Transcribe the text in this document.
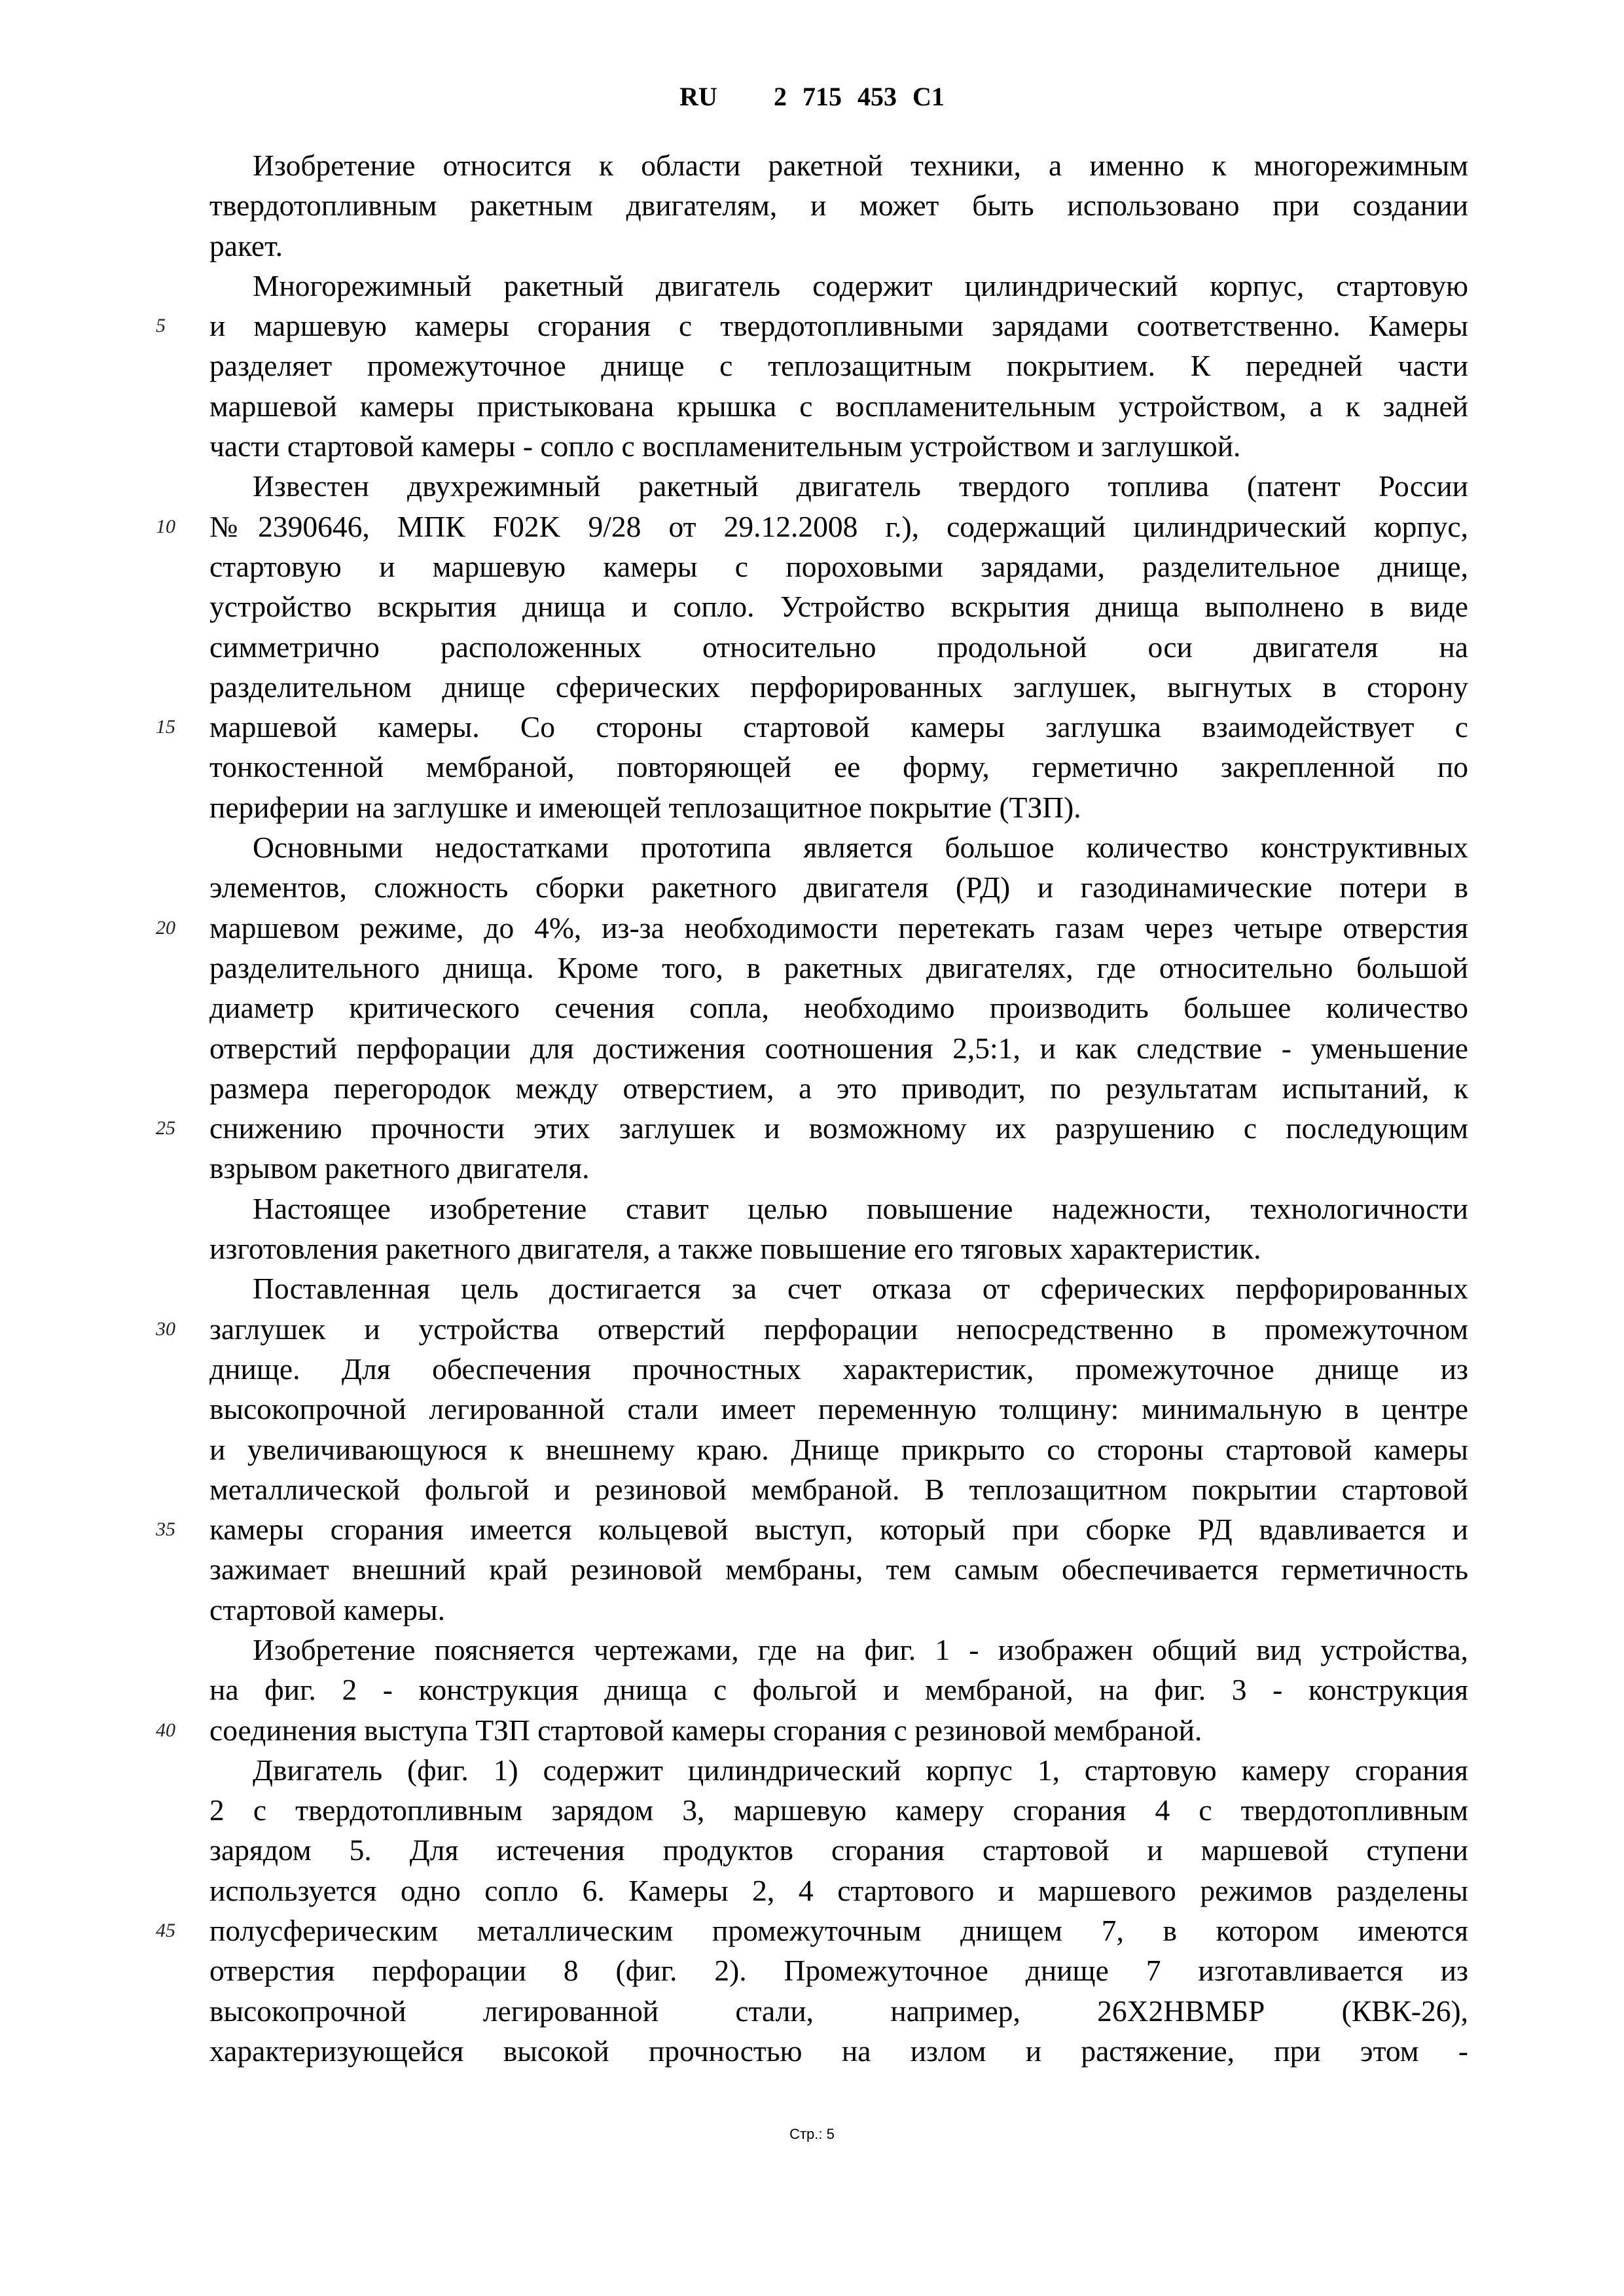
RU 2 715 453 C1
Изобретение относится к области ракетной техники, а именно к многорежимным
твердотопливным ракетным двигателям, и может быть использовано при создании
ракет.
Многорежимный ракетный двигатель содержит цилиндрический корпус, стартовую
5	и маршевую камеры сгорания с твердотопливными зарядами соответственно. Камеры
разделяет промежуточное днище с теплозащитным покрытием. К передней части
маршевой камеры пристыкована крышка с воспламенительным устройством, а к задней
части стартовой камеры - сопло с воспламенительным устройством и заглушкой.
Известен двухрежимный ракетный двигатель твердого топлива (патент России
10 №2390646, МПК F02K 9/28 от 29.12.2008 г.), содержащий цилиндрический корпус,
стартовую и маршевую камеры с пороховыми зарядами, разделительное днище,
устройство вскрытия днища и сопло. Устройство вскрытия днища выполнено в виде
симметрично расположенных относительно продольной оси двигателя на
разделительном днище сферических перфорированных заглушек, выгнутых в сторону
15 маршевой камеры. Со стороны стартовой камеры заглушка взаимодействует с
тонкостенной мембраной, повторяющей ее форму, герметично закрепленной по
периферии на заглушке и имеющей теплозащитное покрытие (ТЗП).
Основными недостатками прототипа является большое количество конструктивных
элементов, сложность сборки ракетного двигателя (РД) и газодинамические потери в
20 маршевом режиме, до 4%, из-за необходимости перетекать газам через четыре отверстия
разделительного днища. Кроме того, в ракетных двигателях, где относительно большой
диаметр критического сечения сопла, необходимо производить большее количество
отверстий перфорации для достижения соотношения 2,5:1, и как следствие - уменьшение
размера перегородок между отверстием, а это приводит, по результатам испытаний, к
25 снижению прочности этих заглушек и возможному их разрушению с последующим
взрывом ракетного двигателя.
Настоящее изобретение ставит целью повышение надежности, технологичности
изготовления ракетного двигателя, а также повышение его тяговых характеристик.
Поставленная цель достигается за счет отказа от сферических перфорированных
30 заглушек и устройства отверстий перфорации непосредственно в промежуточном
днище. Для обеспечения прочностных характеристик, промежуточное днище из
высокопрочной легированной стали имеет переменную толщину: минимальную в центре
и увеличивающуюся к внешнему краю. Днище прикрыто со стороны стартовой камеры
металлической фольгой и резиновой мембраной. В теплозащитном покрытии стартовой
35 камеры сгорания имеется кольцевой выступ, который при сборке РД вдавливается и
зажимает внешний край резиновой мембраны, тем самым обеспечивается герметичность
стартовой камеры.
Изобретение поясняется чертежами, где на фиг. 1 - изображен общий вид устройства,
на фиг. 2 - конструкция днища с фольгой и мембраной, на фиг. 3 - конструкция
40 соединения выступа ТЗП стартовой камеры сгорания с резиновой мембраной.
Двигатель (фиг. 1) содержит цилиндрический корпус 1, стартовую камеру сгорания
2 с твердотопливным зарядом 3, маршевую камеру сгорания 4 с твердотопливным
зарядом 5. Для истечения продуктов сгорания стартовой и маршевой ступени
используется одно сопло 6. Камеры 2, 4 стартового и маршевого режимов разделены
45 полусферическим металлическим промежуточным днищем 7, в котором имеются
отверстия перфорации 8 (фиг. 2). Промежуточное днище 7 изготавливается из
высокопрочной легированной стали, например, 26Х2НВМБР (КВК-26),
характеризующейся высокой прочностью на излом и растяжение, при этом -
Стр.: 5
